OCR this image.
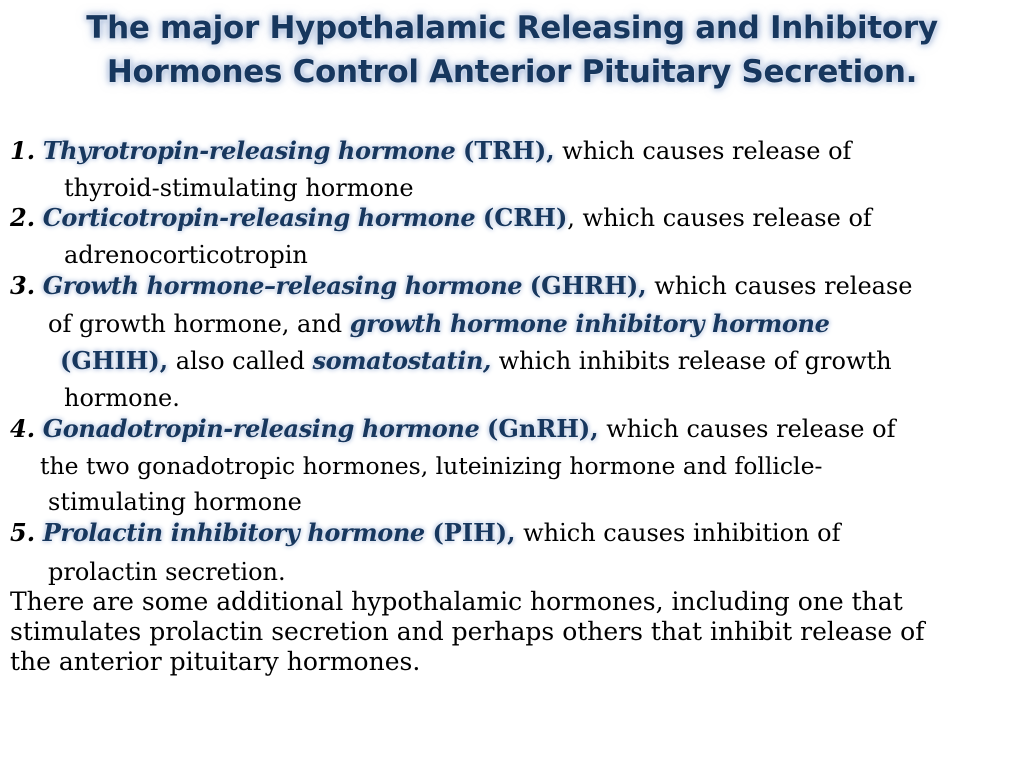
The major Hypothalamic Releasing and Inhibitory
Hormones Control Anterior Pituitary Secretion.
1. Thyrotropin-releasing hormone (TRH), which causes release of
thyroid-stimulating hormone
2. Corticotropin-releasing hormone (CRH), which causes release of
adrenocorticotropin
3. Growth hormone–releasing hormone (GHRH), which causes release
of growth hormone, and growth hormone inhibitory hormone
(GHIH), also called somatostatin, which inhibits release of growth
hormone.
4. Gonadotropin-releasing hormone (GnRH), which causes release of
the two gonadotropic hormones, luteinizing hormone and follicle-
stimulating hormone
5. Prolactin inhibitory hormone (PIH), which causes inhibition of
prolactin secretion.
There are some additional hypothalamic hormones, including one that
stimulates prolactin secretion and perhaps others that inhibit release of
the anterior pituitary hormones.
